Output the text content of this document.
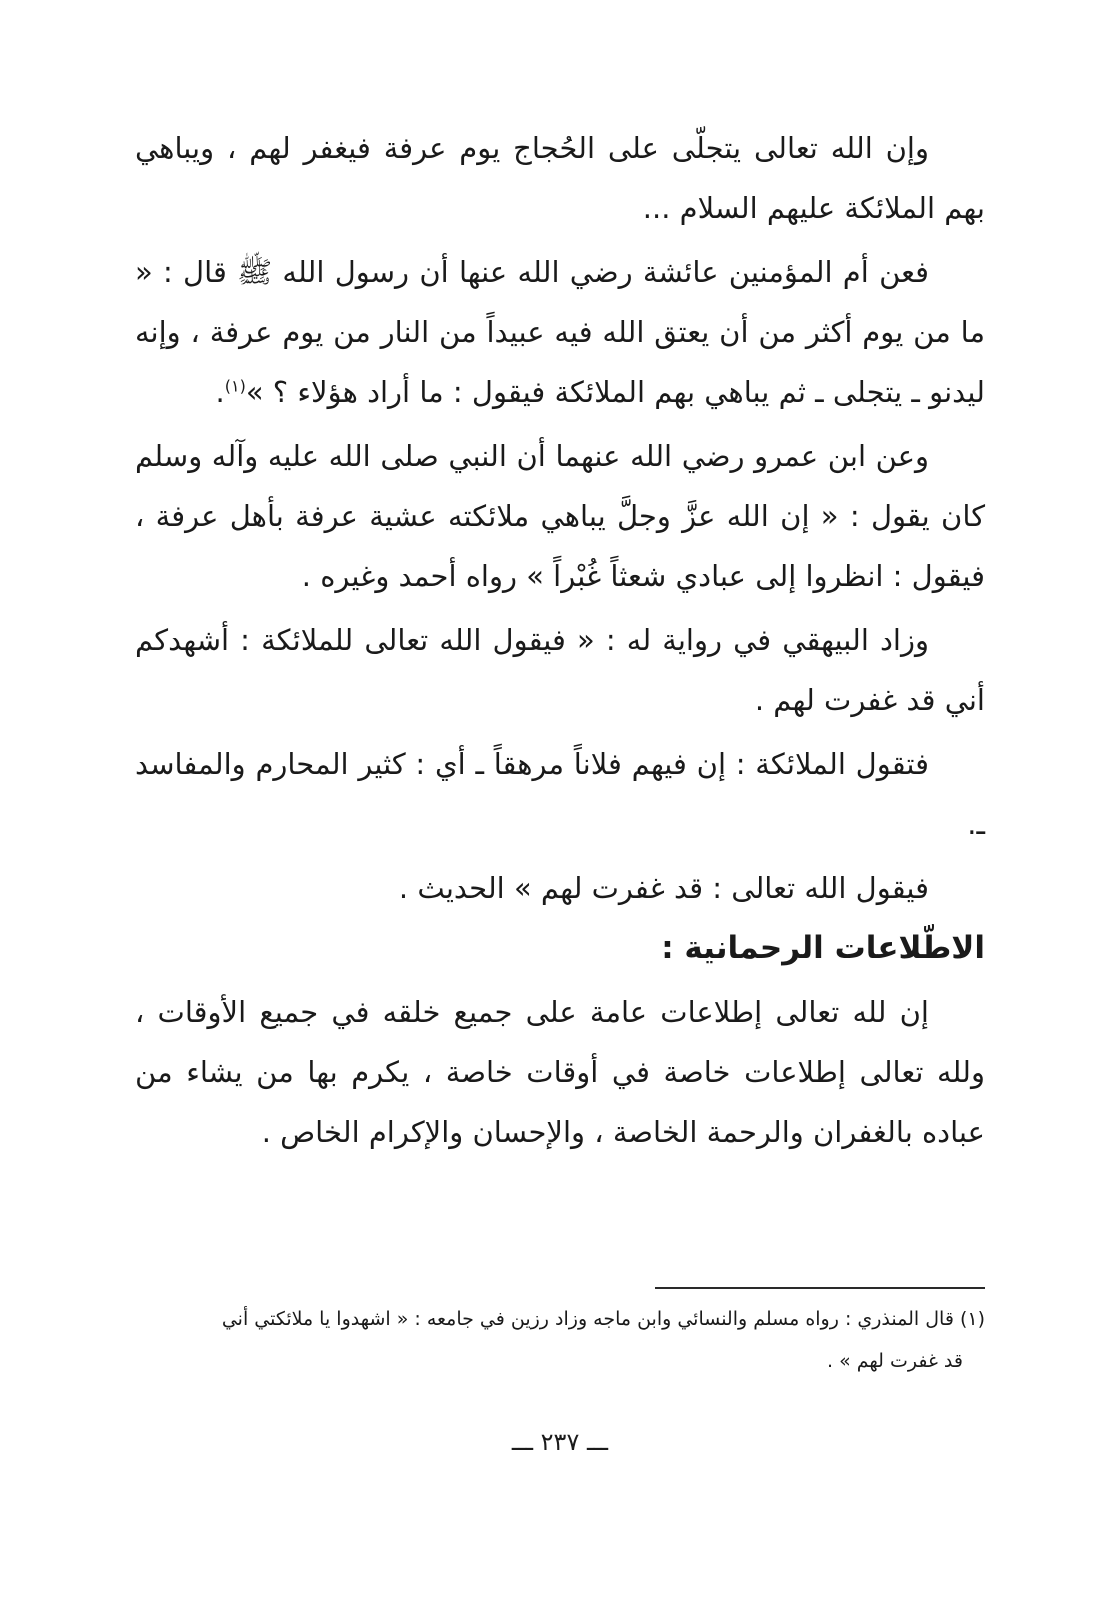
وإن الله تعالى يتجلّى على الحُجاج يوم عرفة فيغفر لهم ، ويباهي بهم الملائكة عليهم السلام ...

فعن أم المؤمنين عائشة رضي الله عنها أن رسول الله ﷺ قال : « ما من يوم أكثر من أن يعتق الله فيه عبيداً من النار من يوم عرفة ، وإنه ليدنو ـ يتجلى ـ ثم يباهي بهم الملائكة فيقول : ما أراد هؤلاء ؟ »$^{(١)}$.

وعن ابن عمرو رضي الله عنهما أن النبي صلى الله عليه وآله وسلم كان يقول : « إن الله عزَّ وجلَّ يباهي ملائكته عشية عرفة بأهل عرفة ، فيقول : انظروا إلى عبادي شعثاً غُبْراً » رواه أحمد وغيره .

وزاد البيهقي في رواية له : « فيقول الله تعالى للملائكة : أشهدكم أني قد غفرت لهم .

فتقول الملائكة : إن فيهم فلاناً مرهقاً ـ أي : كثير المحارم والمفاسد ـ.

فيقول الله تعالى : قد غفرت لهم » الحديث .

الاطّلاعات الرحمانية :

إن لله تعالى إطلاعات عامة على جميع خلقه في جميع الأوقات ، ولله تعالى إطلاعات خاصة في أوقات خاصة ، يكرم بها من يشاء من عباده بالغفران والرحمة الخاصة ، والإحسان والإكرام الخاص .

(١) قال المنذري : رواه مسلم والنسائي وابن ماجه وزاد رزين في جامعه : « اشهدوا يا ملائكتي أني

قد غفرت لهم » .

ـــ ٢٣٧ ـــ
